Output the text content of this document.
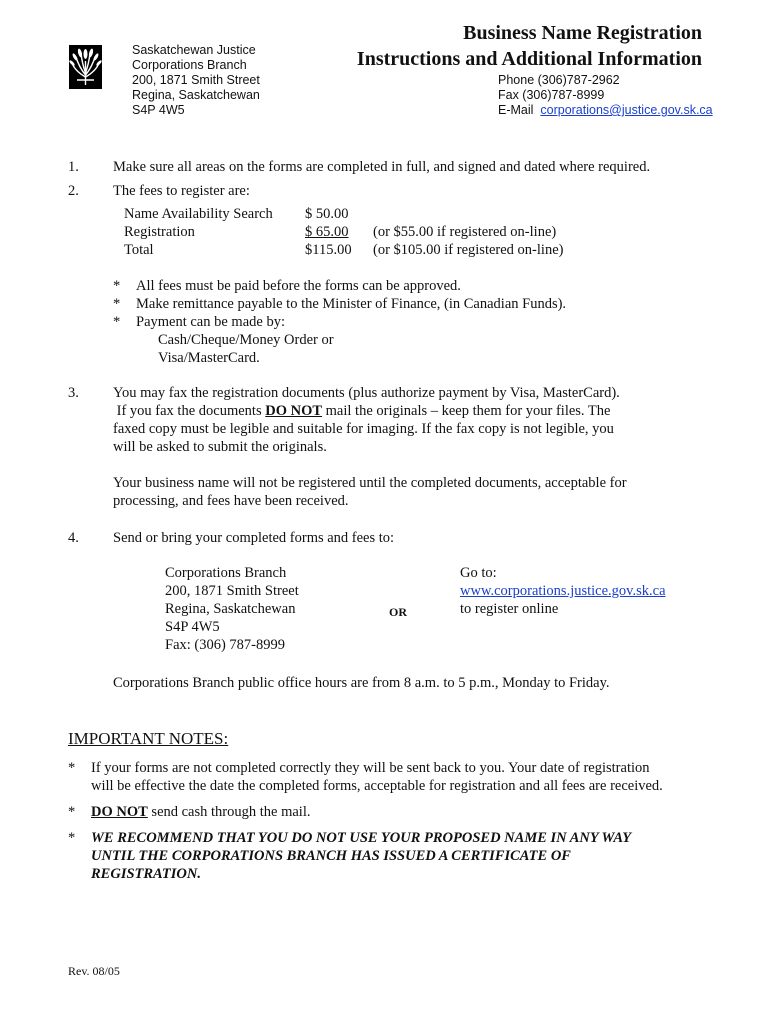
Saskatchewan Justice
Corporations Branch
200, 1871 Smith Street
Regina, Saskatchewan
S4P 4W5
Business Name Registration
Instructions and Additional Information
Phone (306)787-2962
Fax (306)787-8999
E-Mail corporations@justice.gov.sk.ca
1. Make sure all areas on the forms are completed in full, and signed and dated where required.
2. The fees to register are:
Name Availability Search
Registration
Total
$ 50.00
$ 65.00
$115.00
(or $55.00 if registered on-line)
(or $105.00 if registered on-line)
*
*
*
All fees must be paid before the forms can be approved.
Make remittance payable to the Minister of Finance, (in Canadian Funds).
Payment can be made by:
Cash/Cheque/Money Order or
Visa/MasterCard.
3. You may fax the registration documents (plus authorize payment by Visa, MasterCard).
If you fax the documents DO NOT mail the originals – keep them for your files. The
faxed copy must be legible and suitable for imaging. If the fax copy is not legible, you
will be asked to submit the originals.
Your business name will not be registered until the completed documents, acceptable for
processing, and fees have been received.
4. Send or bring your completed forms and fees to:
Corporations Branch
200, 1871 Smith Street
Regina, Saskatchewan
S4P 4W5
Fax: (306) 787-8999
OR
Go to:
www.corporations.justice.gov.sk.ca
to register online
Corporations Branch public office hours are from 8 a.m. to 5 p.m., Monday to Friday.
IMPORTANT NOTES:
* If your forms are not completed correctly they will be sent back to you. Your date of registration
will be effective the date the completed forms, acceptable for registration and all fees are received.
* DO NOT send cash through the mail.
* WE RECOMMEND THAT YOU DO NOT USE YOUR PROPOSED NAME IN ANY WAY
UNTIL THE CORPORATIONS BRANCH HAS ISSUED A CERTIFICATE OF
REGISTRATION.
Rev. 08/05
